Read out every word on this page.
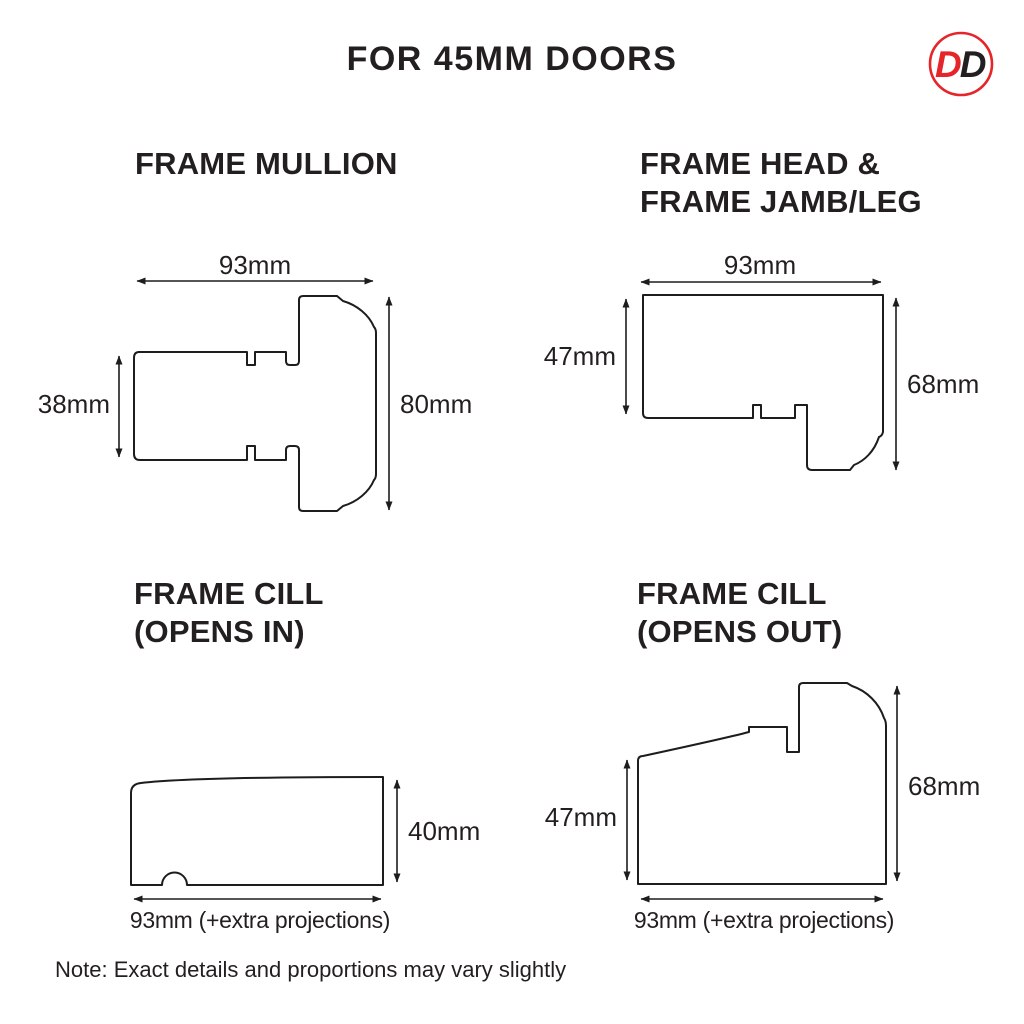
FOR 45MM DOORS	DD
FRAME MULLION	FRAME HEAD &
FRAME JAMB/LEG
FRAME CILL
(OPENS IN)
FRAME CILL
(OPENS OUT)
93mm
80mm
38mm
93mm
47mm
68mm
40mm
93mm (+extra projections)
47mm
68mm
93mm (+extra projections)
Note: Exact details and proportions may vary slightly
